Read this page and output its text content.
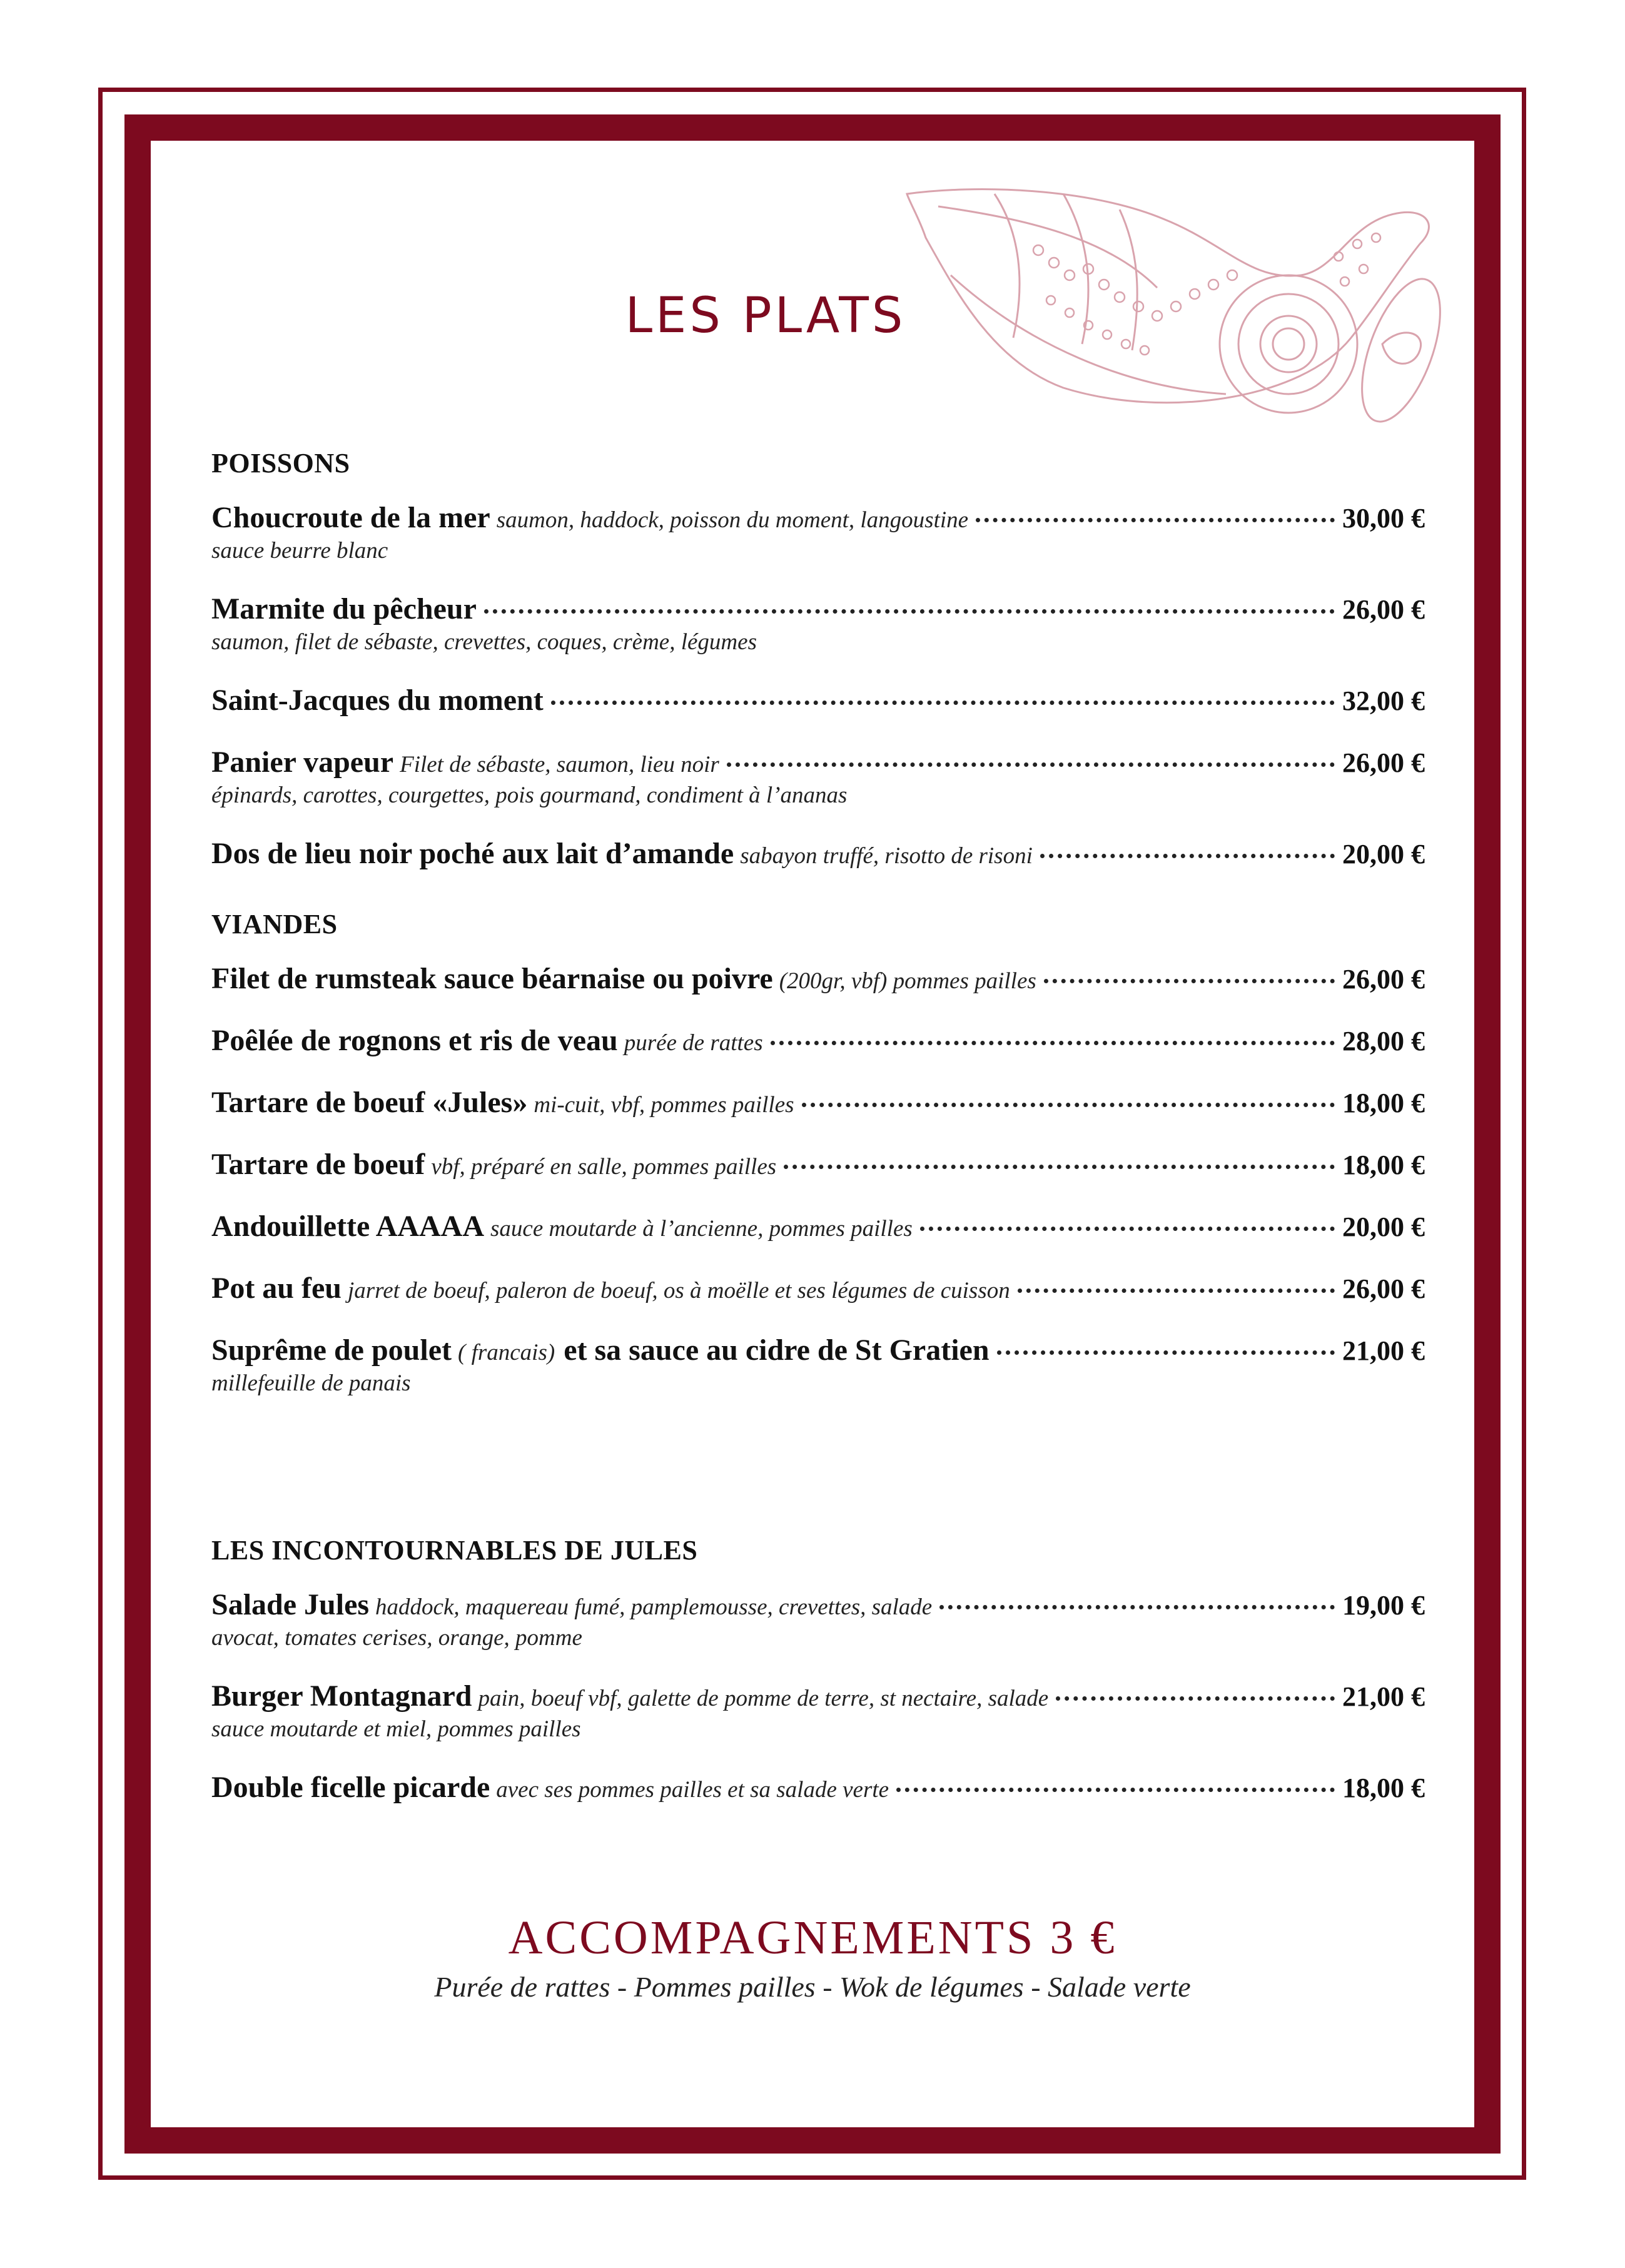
LES PLATS
POISSONS
Choucroute de la mer saumon, haddock, poisson du moment, langoustine	30,00 €
sauce beurre blanc
Marmite du pêcheur	26,00 €
saumon, filet de sébaste, crevettes, coques, crème, légumes
Saint-Jacques du moment	32,00 €
Panier vapeur Filet de sébaste, saumon, lieu noir	26,00 €
épinards, carottes, courgettes, pois gourmand, condiment à l’ananas
Dos de lieu noir poché aux lait d’amande sabayon truffé, risotto de risoni	20,00 €
VIANDES
Filet de rumsteak sauce béarnaise ou poivre (200gr, vbf) pommes pailles	26,00 €
Poêlée de rognons et ris de veau purée de rattes	28,00 €
Tartare de boeuf «Jules» mi-cuit, vbf, pommes pailles	18,00 €
Tartare de boeuf vbf, préparé en salle, pommes pailles	18,00 €
Andouillette AAAAA sauce moutarde à l’ancienne, pommes pailles	20,00 €
Pot au feu jarret de boeuf, paleron de boeuf, os à moëlle et ses légumes de cuisson	26,00 €
Suprême de poulet ( francais) et sa sauce au cidre de St Gratien	21,00 €
millefeuille de panais
LES INCONTOURNABLES DE JULES
Salade Jules haddock, maquereau fumé, pamplemousse, crevettes, salade	19,00 €
avocat, tomates cerises, orange, pomme
Burger Montagnard pain, boeuf vbf, galette de pomme de terre, st nectaire, salade	21,00 €
sauce moutarde et miel, pommes pailles
Double ficelle picarde avec ses pommes pailles et sa salade verte	18,00 €
ACCOMPAGNEMENTS 3 €
Purée de rattes - Pommes pailles - Wok de légumes - Salade verte
